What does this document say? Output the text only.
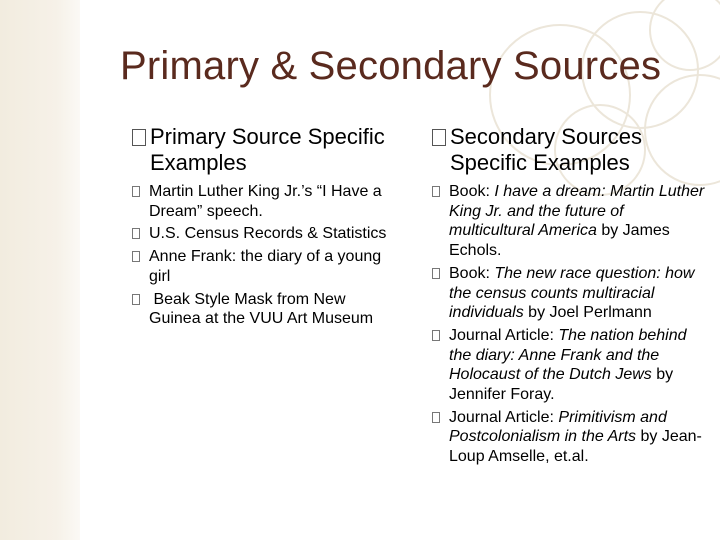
Primary & Secondary Sources
Primary Source Specific Examples
Martin Luther King Jr.’s “I Have a Dream” speech.
U.S. Census Records & Statistics
Anne Frank: the diary of a young girl
Beak Style Mask from New Guinea at the VUU Art Museum
Secondary Sources Specific Examples
Book: I have a dream: Martin Luther King Jr. and the future of multicultural America by James Echols.
Book: The new race question: how the census counts multiracial individuals by Joel Perlmann
Journal Article: The nation behind the diary: Anne Frank and the Holocaust of the Dutch Jews by Jennifer Foray.
Journal Article: Primitivism and Postcolonialism in the Arts by Jean-Loup Amselle, et.al.
